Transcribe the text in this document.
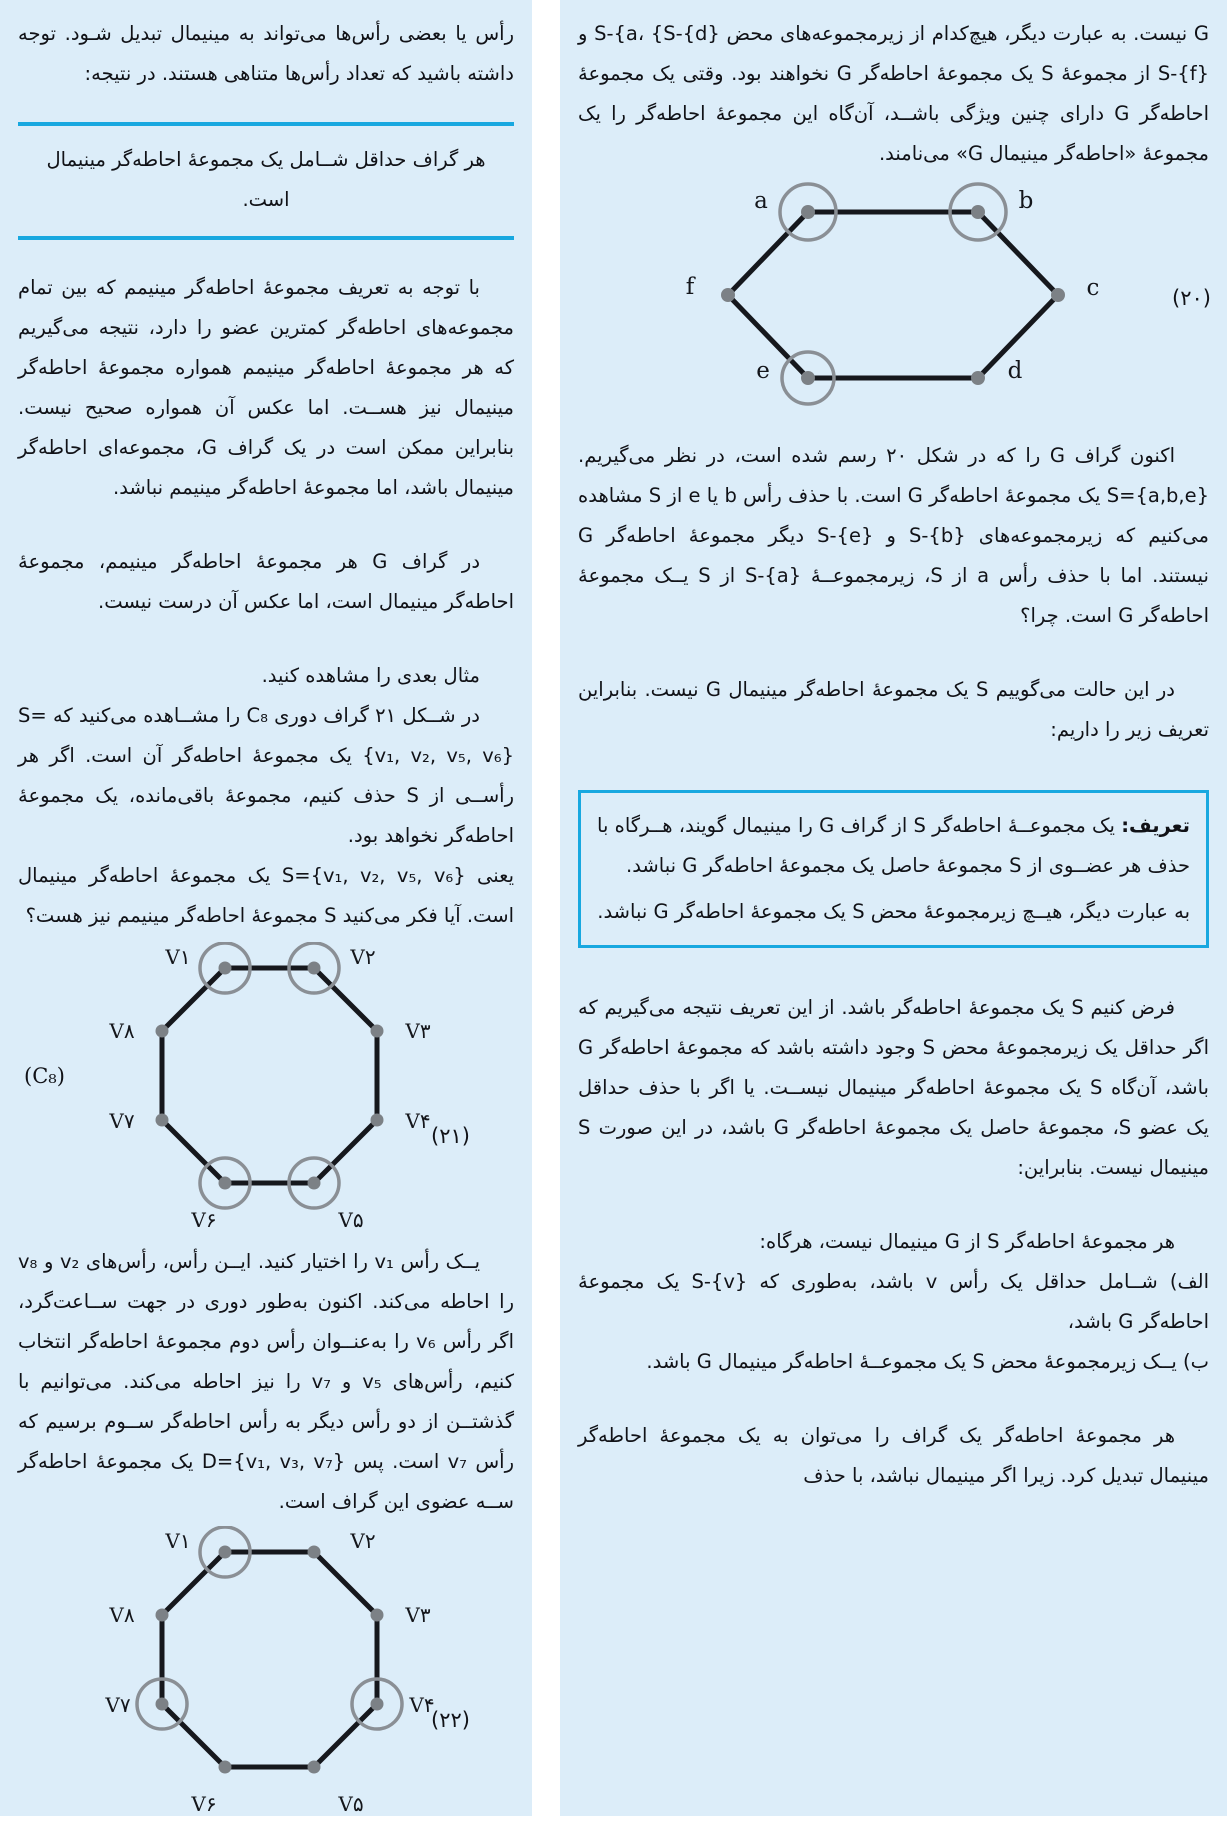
G نیست. به عبارت دیگر، هیچ‌کدام از زیرمجموعه‌های محض {S-{a، {S-{d و {S-{f از مجموعهٔ S یک مجموعهٔ احاطه‌گر G نخواهند بود. وقتی یک مجموعهٔ احاطه‌گر G دارای چنین ویژگی باشــد، آن‌گاه این مجموعهٔ احاطه‌گر را یک مجموعهٔ «احاطه‌گر مینیمال G» می‌نامند.

a	b
c
d
e
f	(۲۰)

اکنون گراف G را که در شکل ۲۰ رسم شده است، در نظر می‌گیریم. {S={a,b,e یک مجموعهٔ احاطه‌گر G است. با حذف رأس b یا e از S مشاهده می‌کنیم که زیرمجموعه‌های {S-{b و {S-{e دیگر مجموعهٔ احاطه‌گر G نیستند. اما با حذف رأس a از S، زیرمجموعــهٔ {S-{a از S یــک مجموعهٔ احاطه‌گر G است. چرا؟

در این حالت می‌گوییم S یک مجموعهٔ احاطه‌گر مینیمال G نیست. بنابراین تعریف زیر را داریم:

تعریف: یک مجموعــهٔ احاطه‌گر S از گراف G را مینیمال گویند، هــرگاه با حذف هر عضــوی از S مجموعهٔ حاصل یک مجموعهٔ احاطه‌گر G نباشد.

به عبارت دیگر، هیــچ زیرمجموعهٔ محض S یک مجموعهٔ احاطه‌گر G نباشد.

فرض کنیم S یک مجموعهٔ احاطه‌گر باشد. از این تعریف نتیجه می‌گیریم که اگر حداقل یک زیرمجموعهٔ محض S وجود داشته باشد که مجموعهٔ احاطه‌گر G باشد، آن‌گاه S یک مجموعهٔ احاطه‌گر مینیمال نیســت. یا اگر با حذف حداقل یک عضو S، مجموعهٔ حاصل یک مجموعهٔ احاطه‌گر G باشد، در این صورت S مینیمال نیست. بنابراین:

هر مجموعهٔ احاطه‌گر S از G مینیمال نیست، هرگاه:

الف) شــامل حداقل یک رأس v باشد، به‌طوری که {S-{v یک مجموعهٔ احاطه‌گر G باشد،

ب) یــک زیرمجموعهٔ محض S یک مجموعــهٔ احاطه‌گر مینیمال G باشد.

هر مجموعهٔ احاطه‌گر یک گراف را می‌توان به یک مجموعهٔ احاطه‌گر مینیمال تبدیل کرد. زیرا اگر مینیمال نباشد، با حذف

رأس یا بعضی رأس‌ها می‌تواند به مینیمال تبدیل شـود. توجه داشته باشید که تعداد رأس‌ها متناهی هستند. در نتیجه:

هر گراف حداقل شــامل یک مجموعهٔ احاطه‌گر مینیمال است.

با توجه به تعریف مجموعهٔ احاطه‌گر مینیمم که بین تمام مجموعه‌های احاطه‌گر کمترین عضو را دارد، نتیجه می‌گیریم که هر مجموعهٔ احاطه‌گر مینیمم همواره مجموعهٔ احاطه‌گر مینیمال نیز هســت. اما عکس آن همواره صحیح نیست. بنابراین ممکن است در یک گراف G، مجموعه‌ای احاطه‌گر مینیمال باشد، اما مجموعهٔ احاطه‌گر مینیمم نباشد.

در گراف G هر مجموعهٔ احاطه‌گر مینیمم، مجموعهٔ احاطه‌گر مینیمال است، اما عکس آن درست نیست.

مثال بعدی را مشاهده کنید.

در شــکل ۲۱ گراف دوری C₈ را مشــاهده می‌کنید که S={v₁, v₂, v₅, v₆} یک مجموعهٔ احاطه‌گر آن است. اگر هر رأســی از S حذف کنیم، مجموعهٔ باقی‌مانده، یک مجموعهٔ احاطه‌گر نخواهد بود.

یعنی S={v₁, v₂, v₅, v₆} یک مجموعهٔ احاطه‌گر مینیمال است. آیا فکر می‌کنید S مجموعهٔ احاطه‌گر مینیمم نیز هست؟

V۱	V۲
V۳
V۴
V۵
V۶
V۷
V۸
(C₈)
(۲۱)

یــک رأس v₁ را اختیار کنید. ایــن رأس، رأس‌های v₂ و v₈ را احاطه می‌کند. اکنون به‌طور دوری در جهت ســاعت‌گرد، اگر رأس v₆ را به‌عنــوان رأس دوم مجموعهٔ احاطه‌گر انتخاب کنیم، رأس‌های v₅ و v₇ را نیز احاطه می‌کند. می‌توانیم با گذشتــن از دو رأس دیگر به رأس احاطه‌گر ســوم برسیم که رأس v₇ است. پس D={v₁, v₃, v₇} یک مجموعهٔ احاطه‌گر ســه عضوی این گراف است.

V۱	V۲
V۳
V۴
V۵
V۶
V۷
V۸
(۲۲)
